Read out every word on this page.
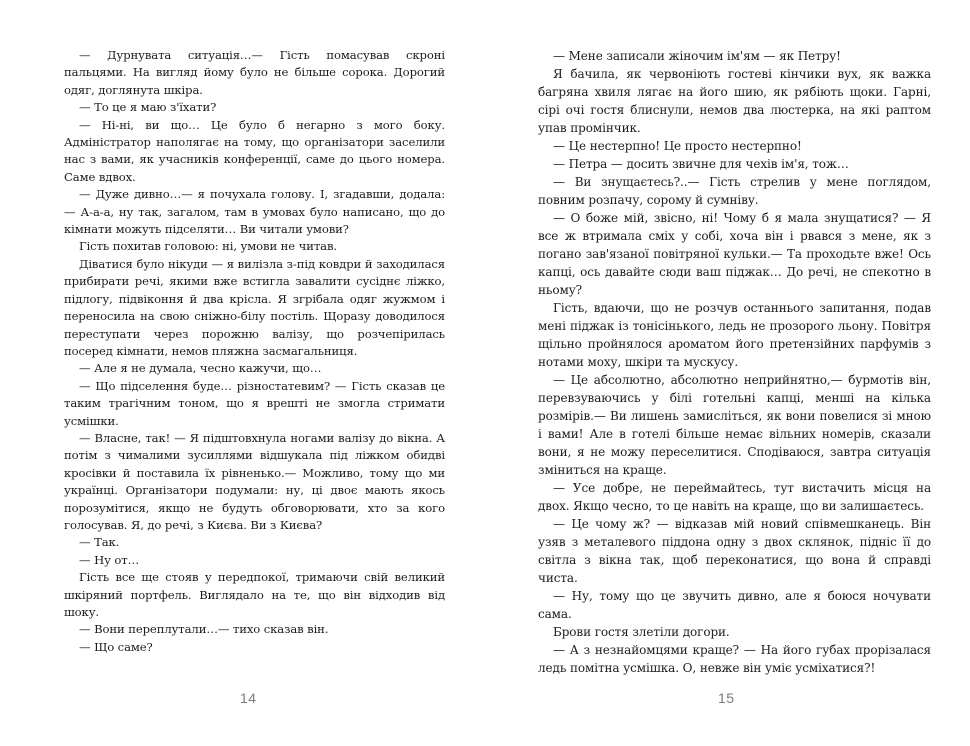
— Дурнувата ситуація…— Гість помасував скроні пальцями. На вигляд йому було не більше сорока. Дорогий одяг, доглянута шкіра.

— То це я маю з'їхати?

— Ні-ні, ви що… Це було б негарно з мого боку. Адміністратор наполягає на тому, що організатори заселили нас з вами, як учасників конференції, саме до цього номера. Саме вдвох.

— Дуже дивно…— я почухала голову. І, згадавши, додала: — А-а-а, ну так, загалом, там в умовах було написано, що до кімнати можуть підселяти… Ви читали умови?

Гість похитав головою: ні, умови не читав.

Діватися було нікуди — я вилізла з-під ковдри й заходилася прибирати речі, якими вже встигла завалити сусіднє ліжко, підлогу, підвіконня й два крісла. Я згрібала одяг жужмом і переносила на свою сніжно-білу постіль. Щоразу доводилося переступати через порожню валізу, що розчепірилась посеред кімнати, немов пляжна засмагальниця.

— Але я не думала, чесно кажучи, що…

— Що підселення буде… різностатевим? — Гість сказав це таким трагічним тоном, що я врешті не змогла стримати усмішки.

— Власне, так! — Я підштовхнула ногами валізу до вікна. А потім з чималими зусиллями відшукала під ліжком обидві кросівки й поставила їх рівненько.— Можливо, тому що ми українці. Організатори подумали: ну, ці двоє мають якось порозумітися, якщо не будуть обговорювати, хто за кого голосував. Я, до речі, з Києва. Ви з Києва?

— Так.

— Ну от…

Гість все ще стояв у передпокої, тримаючи свій великий шкіряний портфель. Виглядало на те, що він відходив від шоку.

— Вони переплутали…— тихо сказав він.

— Що саме?

14

— Мене записали жіночим ім'ям — як Петру!

Я бачила, як червоніють гостеві кінчики вух, як важка багряна хвиля лягає на його шию, як рябіють щоки. Гарні, сірі очі гостя блиснули, немов два люстерка, на які раптом упав промінчик.

— Це нестерпно! Це просто нестерпно!

— Петра — досить звичне для чехів ім'я, тож…

— Ви знущаєтесь?..— Гість стрелив у мене поглядом, повним розпачу, сорому й сумніву.

— О боже мій, звісно, ні! Чому б я мала знущатися? — Я все ж втримала сміх у собі, хоча він і рвався з мене, як з погано зав'язаної повітряної кульки.— Та проходьте вже! Ось капці, ось давайте сюди ваш піджак… До речі, не спекотно в ньому?

Гість, вдаючи, що не розчув останнього запитання, подав мені піджак із тонісінького, ледь не прозорого льону. Повітря щільно пройнялося ароматом його претензійних парфумів з нотами моху, шкіри та мускусу.

— Це абсолютно, абсолютно неприйнятно,— бурмотів він, перевзуваючись у білі готельні капці, менші на кілька розмірів.— Ви лишень замисліться, як вони повелися зі мною і вами! Але в готелі більше немає вільних номерів, сказали вони, я не можу переселитися. Сподіваюся, завтра ситуація зміниться на краще.

— Усе добре, не переймайтесь, тут вистачить місця на двох. Якщо чесно, то це навіть на краще, що ви залишаєтесь.

— Це чому ж? — відказав мій новий співмешканець. Він узяв з металевого піддона одну з двох склянок, підніс її до світла з вікна так, щоб переконатися, що вона й справді чиста.

— Ну, тому що це звучить дивно, але я боюся ночувати сама.

Брови гостя злетіли догори.

— А з незнайомцями краще? — На його губах прорізалася ледь помітна усмішка. О, невже він уміє усміхатися?!

15
